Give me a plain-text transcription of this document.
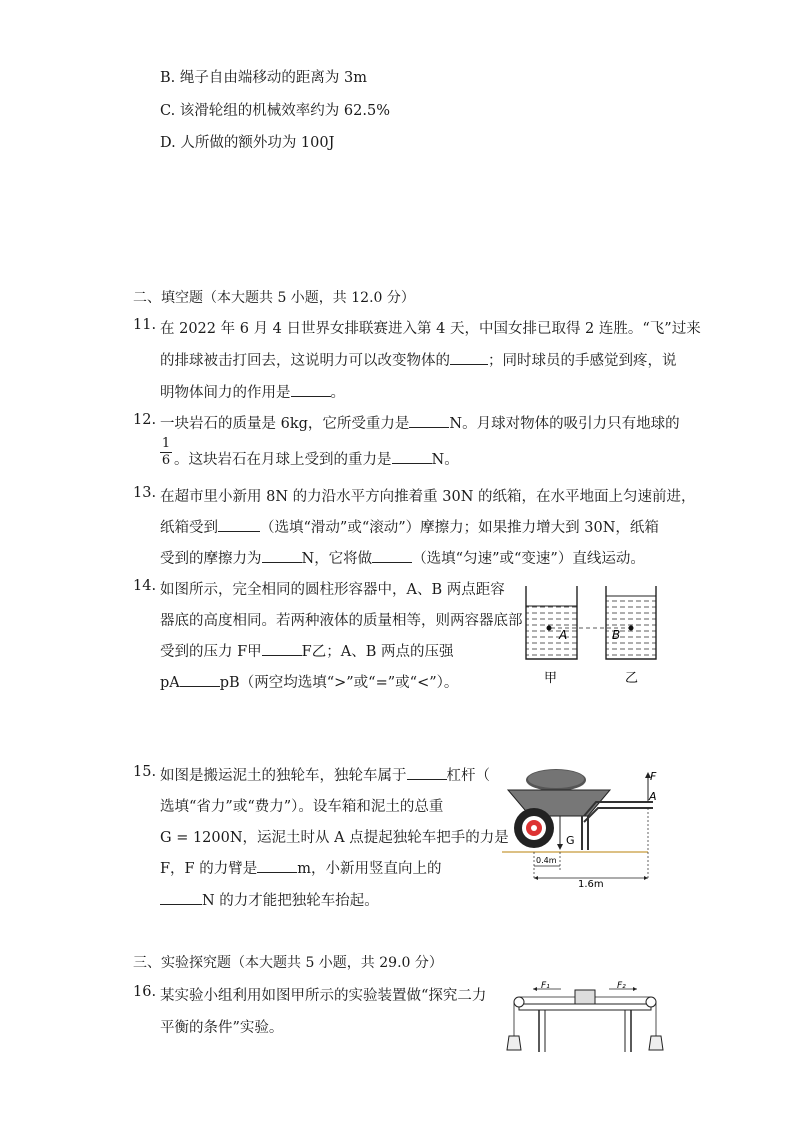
B. 绳子自由端移动的距离为 3m
C. 该滑轮组的机械效率约为 62.5%
D. 人所做的额外功为 100J
二、填空题（本大题共 5 小题，共 12.0 分）
11. 在 2022 年 6 月 4 日世界女排联赛进入第 4 天，中国女排已取得 2 连胜。“飞”过来
的排球被击打回去，这说明力可以改变物体的	；同时球员的手感觉到疼，说
明物体间力的作用是	。
12. 一块岩石的质量是 6kg，它所受重力是	N。月球对物体的吸引力只有地球的
$\frac{1}{6}$ 。这块岩石在月球上受到的重力是	N。
13. 在超市里小新用 8N 的力沿水平方向推着重 30N 的纸箱，在水平地面上匀速前进，
纸箱受到	（选填“滑动”或“滚动”）摩擦力；如果推力增大到 30N，纸箱
受到的摩擦力为	N，它将做	（选填“匀速”或“变速”）直线运动。
14. 如图所示，完全相同的圆柱形容器中，A、B 两点距容
器底的高度相同。若两种液体的质量相等，则两容器底部
受到的压力 F甲	F乙；A、B 两点的压强
pA	pB（两空均选填“>”或“=”或“<”）。
A	B
甲	乙
15. 如图是搬运泥土的独轮车，独轮车属于	杠杆（
选填“省力”或“费力”）。设车箱和泥土的总重
G = 1200N，运泥土时从 A 点提起独轮车把手的力是
F，F 的力臂是	m，小新用竖直向上的
N 的力才能把独轮车抬起。
G
F
A
0.4m
1.6m
三、实验探究题（本大题共 5 小题，共 29.0 分）
16. 某实验小组利用如图甲所示的实验装置做“探究二力
平衡的条件”实验。
F₁	F₂
